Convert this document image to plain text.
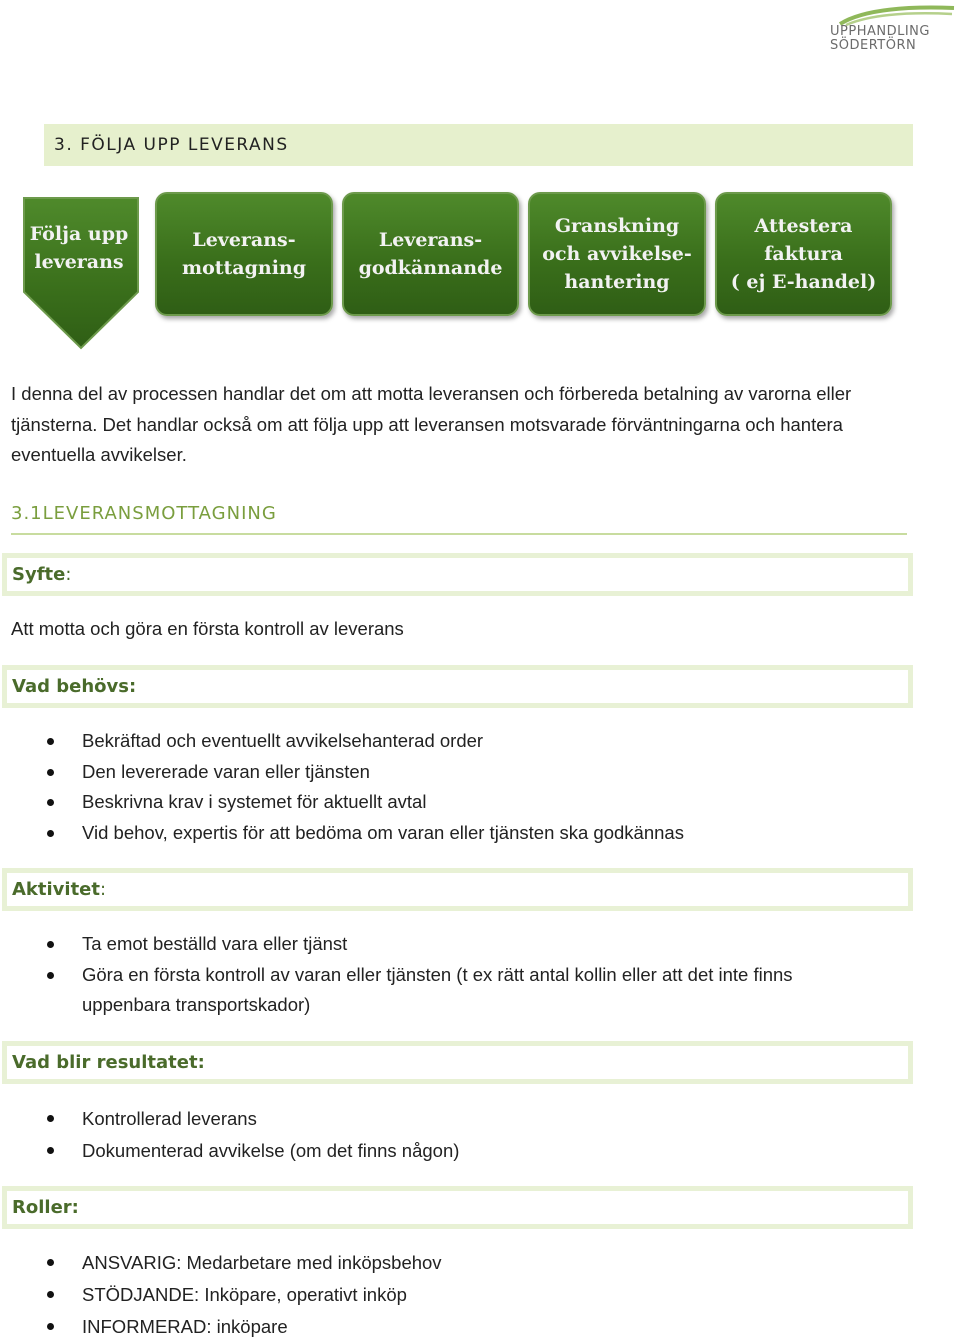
UPPHANDLING
SÖDERTÖRN
3. FÖLJA UPP LEVERANS
Följa upp
leverans
Leverans-
mottagning
Leverans-
godkännande
Granskning
och avvikelse-
hantering
Attestera
faktura
( ej E-handel)
I denna del av processen handlar det om att motta leveransen och förbereda betalning av varorna eller tjänsterna. Det handlar också om att följa upp att leveransen motsvarade förväntningarna och hantera eventuella avvikelser.
3.1LEVERANSMOTTAGNING
Syfte:
Att motta och göra en första kontroll av leverans
Vad behövs:
Bekräftad och eventuellt avvikelsehanterad order
Den levererade varan eller tjänsten
Beskrivna krav i systemet för aktuellt avtal
Vid behov, expertis för att bedöma om varan eller tjänsten ska godkännas
Aktivitet:
Ta emot beställd vara eller tjänst
Göra en första kontroll av varan eller tjänsten (t ex rätt antal kollin eller att det inte finns uppenbara transportskador)
Vad blir resultatet:
Kontrollerad leverans
Dokumenterad avvikelse (om det finns någon)
Roller:
ANSVARIG: Medarbetare med inköpsbehov
STÖDJANDE: Inköpare, operativt inköp
INFORMERAD: inköpare
